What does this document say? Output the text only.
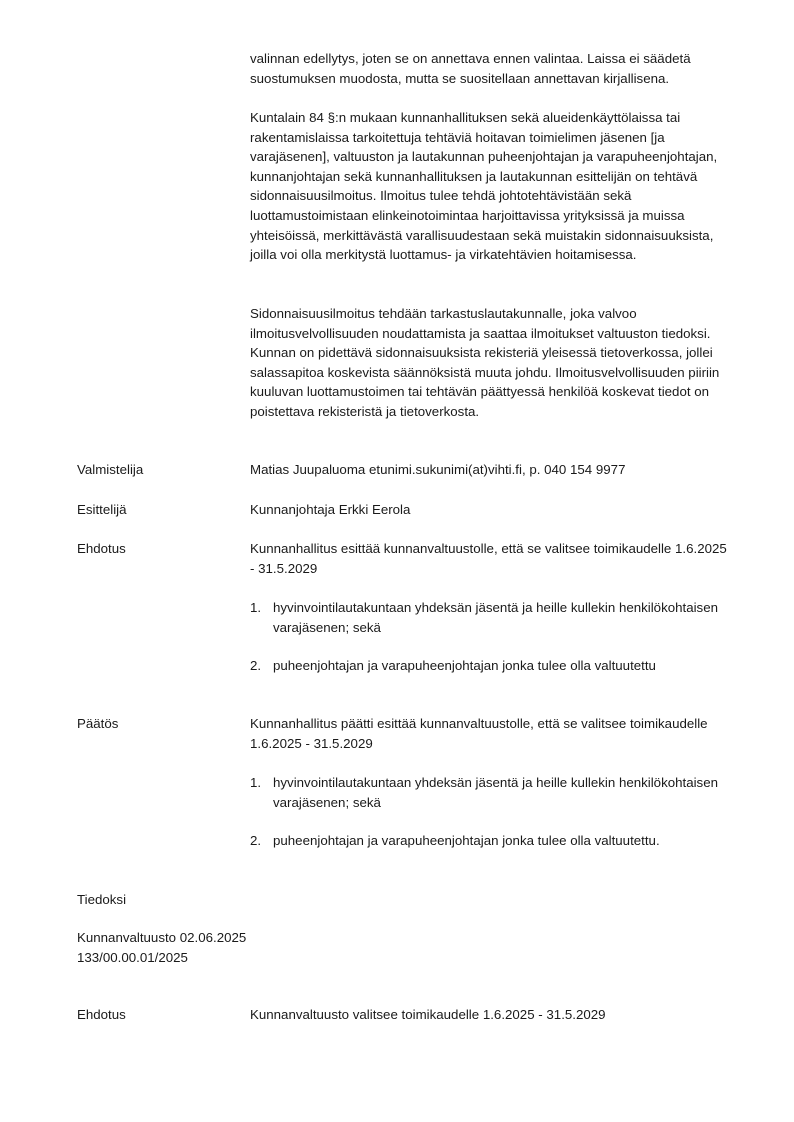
valinnan edellytys, joten se on annettava ennen valintaa. Laissa ei säädetä suostumuksen muodosta, mutta se suositellaan annettavan kirjallisena.

Kuntalain 84 §:n mukaan kunnanhallituksen sekä alueidenkäyttölaissa tai rakentamislaissa tarkoitettuja tehtäviä hoitavan toimielimen jäsenen [ja varajäsenen], valtuuston ja lautakunnan puheenjohtajan ja varapuheenjohtajan, kunnanjohtajan sekä kunnanhallituksen ja lautakunnan esittelijän on tehtävä sidonnaisuusilmoitus. Ilmoitus tulee tehdä johtotehtävistään sekä luottamustoimistaan elinkeinotoimintaa harjoittavissa yrityksissä ja muissa yhteisöissä, merkittävästä varallisuudestaan sekä muistakin sidonnaisuuksista, joilla voi olla merkitystä luottamus- ja virkatehtävien hoitamisessa.

Sidonnaisuusilmoitus tehdään tarkastuslautakunnalle, joka valvoo ilmoitusvelvollisuuden noudattamista ja saattaa ilmoitukset valtuuston tiedoksi. Kunnan on pidettävä sidonnaisuuksista rekisteriä yleisessä tietoverkossa, jollei salassapitoa koskevista säännöksistä muuta johdu. Ilmoitusvelvollisuuden piiriin kuuluvan luottamustoimen tai tehtävän päättyessä henkilöä koskevat tiedot on poistettava rekisteristä ja tietoverkosta.

Valmistelija	Matias Juupaluoma etunimi.sukunimi(at)vihti.fi, p. 040 154 9977
Esittelijä	Kunnanjohtaja Erkki Eerola
Ehdotus	Kunnanhallitus esittää kunnanvaltuustolle, että se valitsee toimikaudelle 1.6.2025 - 31.5.2029

1. hyvinvointilautakuntaan yhdeksän jäsentä ja heille kullekin henkilökohtaisen varajäsenen; sekä
2. puheenjohtajan ja varapuheenjohtajan jonka tulee olla valtuutettu
Päätös	Kunnanhallitus päätti esittää kunnanvaltuustolle, että se valitsee toimikaudelle 1.6.2025 - 31.5.2029

1. hyvinvointilautakuntaan yhdeksän jäsentä ja heille kullekin henkilökohtaisen varajäsenen; sekä
2. puheenjohtajan ja varapuheenjohtajan jonka tulee olla valtuutettu.
Tiedoksi
Kunnanvaltuusto 02.06.2025
133/00.00.01/2025
Ehdotus	Kunnanvaltuusto valitsee toimikaudelle 1.6.2025 - 31.5.2029
